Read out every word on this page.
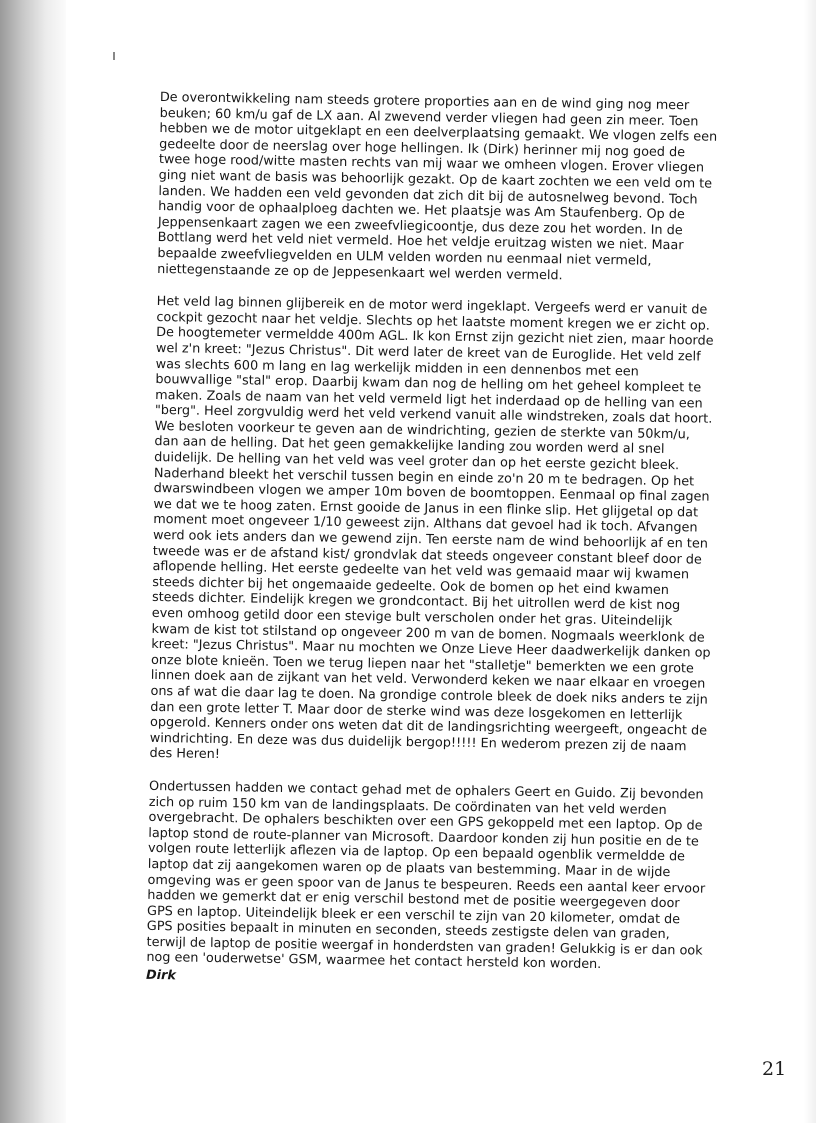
De overontwikkeling nam steeds grotere proporties aan en de wind ging nog meer beuken; 60 km/u gaf de LX aan. Al zwevend verder vliegen had geen zin meer. Toen hebben we de motor uitgeklapt en een deelverplaatsing gemaakt. We vlogen zelfs een gedeelte door de neerslag over hoge hellingen. Ik (Dirk) herinner mij nog goed de twee hoge rood/witte masten rechts van mij waar we omheen vlogen. Erover vliegen ging niet want de basis was behoorlijk gezakt. Op de kaart zochten we een veld om te landen. We hadden een veld gevonden dat zich dit bij de autosnelweg bevond. Toch handig voor de ophaalploeg dachten we. Het plaatsje was Am Staufenberg. Op de Jeppensenkaart zagen we een zweefvliegicoontje, dus deze zou het worden. In de Bottlang werd het veld niet vermeld. Hoe het veldje eruitzag wisten we niet. Maar bepaalde zweefvliegvelden en ULM velden worden nu eenmaal niet vermeld, niettegenstaande ze op de Jeppesenkaart wel werden vermeld.

Het veld lag binnen glijbereik en de motor werd ingeklapt. Vergeefs werd er vanuit de cockpit gezocht naar het veldje. Slechts op het laatste moment kregen we er zicht op. De hoogtemeter vermeldde 400m AGL. Ik kon Ernst zijn gezicht niet zien, maar hoorde wel z'n kreet: "Jezus Christus". Dit werd later de kreet van de Euroglide. Het veld zelf was slechts 600 m lang en lag werkelijk midden in een dennenbos met een bouwvallige "stal" erop. Daarbij kwam dan nog de helling om het geheel kompleet te maken. Zoals de naam van het veld vermeld ligt het inderdaad op de helling van een "berg". Heel zorgvuldig werd het veld verkend vanuit alle windstreken, zoals dat hoort. We besloten voorkeur te geven aan de windrichting, gezien de sterkte van 50km/u, dan aan de helling. Dat het geen gemakkelijke landing zou worden werd al snel duidelijk. De helling van het veld was veel groter dan op het eerste gezicht bleek. Naderhand bleekt het verschil tussen begin en einde zo'n 20 m te bedragen. Op het dwarswindbeen vlogen we amper 10m boven de boomtoppen. Eenmaal op final zagen we dat we te hoog zaten. Ernst gooide de Janus in een flinke slip. Het glijgetal op dat moment moet ongeveer 1/10 geweest zijn. Althans dat gevoel had ik toch. Afvangen werd ook iets anders dan we gewend zijn. Ten eerste nam de wind behoorlijk af en ten tweede was er de afstand kist/ grondvlak dat steeds ongeveer constant bleef door de aflopende helling. Het eerste gedeelte van het veld was gemaaid maar wij kwamen steeds dichter bij het ongemaaide gedeelte. Ook de bomen op het eind kwamen steeds dichter. Eindelijk kregen we grondcontact. Bij het uitrollen werd de kist nog even omhoog getild door een stevige bult verscholen onder het gras. Uiteindelijk kwam de kist tot stilstand op ongeveer 200 m van de bomen. Nogmaals weerklonk de kreet: "Jezus Christus". Maar nu mochten we Onze Lieve Heer daadwerkelijk danken op onze blote knieën. Toen we terug liepen naar het "stalletje" bemerkten we een grote linnen doek aan de zijkant van het veld. Verwonderd keken we naar elkaar en vroegen ons af wat die daar lag te doen. Na grondige controle bleek de doek niks anders te zijn dan een grote letter T. Maar door de sterke wind was deze losgekomen en letterlijk opgerold. Kenners onder ons weten dat dit de landingsrichting weergeeft, ongeacht de windrichting. En deze was dus duidelijk bergop!!!!! En wederom prezen zij de naam des Heren!

Ondertussen hadden we contact gehad met de ophalers Geert en Guido. Zij bevonden zich op ruim 150 km van de landingsplaats. De coördinaten van het veld werden overgebracht. De ophalers beschikten over een GPS gekoppeld met een laptop. Op de laptop stond de route-planner van Microsoft. Daardoor konden zij hun positie en de te volgen route letterlijk aflezen via de laptop. Op een bepaald ogenblik vermeldde de laptop dat zij aangekomen waren op de plaats van bestemming. Maar in de wijde omgeving was er geen spoor van de Janus te bespeuren. Reeds een aantal keer ervoor hadden we gemerkt dat er enig verschil bestond met de positie weergegeven door GPS en laptop. Uiteindelijk bleek er een verschil te zijn van 20 kilometer, omdat de GPS posities bepaalt in minuten en seconden, steeds zestigste delen van graden, terwijl de laptop de positie weergaf in honderdsten van graden! Gelukkig is er dan ook nog een 'ouderwetse' GSM, waarmee het contact hersteld kon worden.

Dirk
21
